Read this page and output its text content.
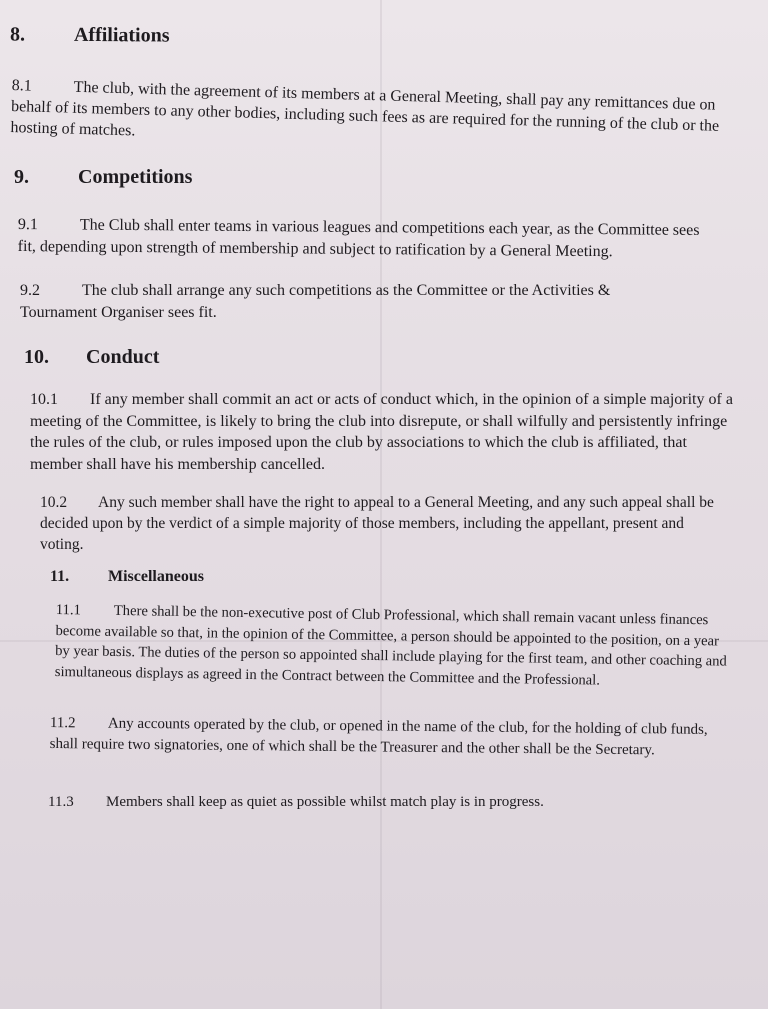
8. Affiliations
8.1	The club, with the agreement of its members at a General Meeting, shall pay any remittances due on behalf of its members to any other bodies, including such fees as are required for the running of the club or the hosting of matches.
9. Competitions
9.1	The Club shall enter teams in various leagues and competitions each year, as the Committee sees fit, depending upon strength of membership and subject to ratification by a General Meeting.
9.2	The club shall arrange any such competitions as the Committee or the Activities & Tournament Organiser sees fit.
10. Conduct
10.1 If any member shall commit an act or acts of conduct which, in the opinion of a simple majority of a meeting of the Committee, is likely to bring the club into disrepute, or shall wilfully and persistently infringe the rules of the club, or rules imposed upon the club by associations to which the club is affiliated, that member shall have his membership cancelled.
10.2 Any such member shall have the right to appeal to a General Meeting, and any such appeal shall be decided upon by the verdict of a simple majority of those members, including the appellant, present and voting.
11. Miscellaneous
11.1 There shall be the non-executive post of Club Professional, which shall remain vacant unless finances become available so that, in the opinion of the Committee, a person should be appointed to the position, on a year by year basis. The duties of the person so appointed shall include playing for the first team, and other coaching and simultaneous displays as agreed in the Contract between the Committee and the Professional.
11.2 Any accounts operated by the club, or opened in the name of the club, for the holding of club funds, shall require two signatories, one of which shall be the Treasurer and the other shall be the Secretary.
11.3 Members shall keep as quiet as possible whilst match play is in progress.
